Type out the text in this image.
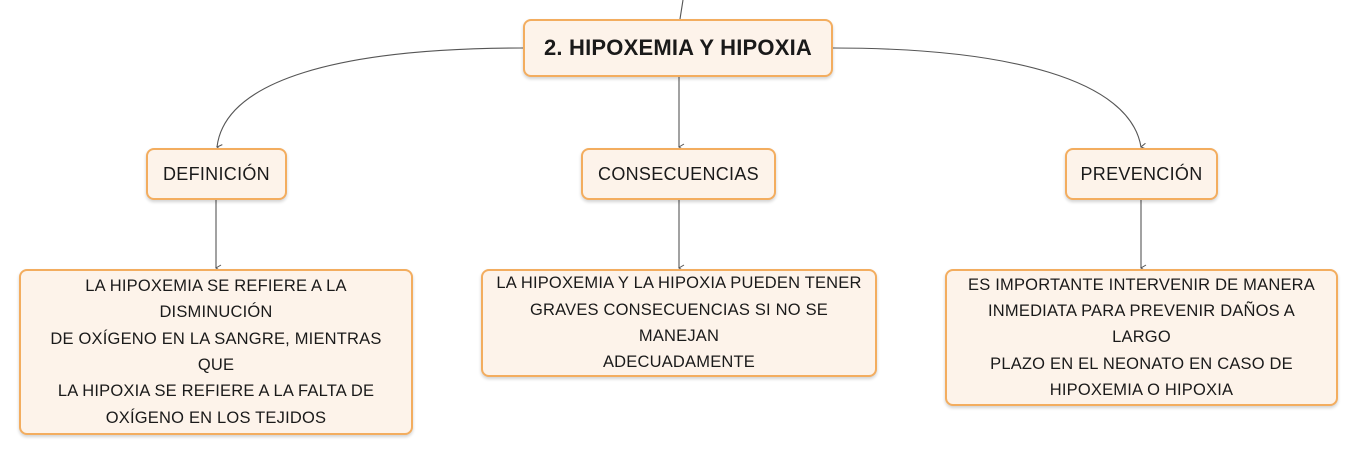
2. HIPOXEMIA Y HIPOXIA
DEFINICIÓN	CONSECUENCIAS	PREVENCIÓN
LA HIPOXEMIA SE REFIERE A LA DISMINUCIÓN
DE OXÍGENO EN LA SANGRE, MIENTRAS QUE
LA HIPOXIA SE REFIERE A LA FALTA DE
OXÍGENO EN LOS TEJIDOS
LA HIPOXEMIA Y LA HIPOXIA PUEDEN TENER
GRAVES CONSECUENCIAS SI NO SE MANEJAN
ADECUADAMENTE
ES IMPORTANTE INTERVENIR DE MANERA
INMEDIATA PARA PREVENIR DAÑOS A LARGO
PLAZO EN EL NEONATO EN CASO DE
HIPOXEMIA O HIPOXIA
